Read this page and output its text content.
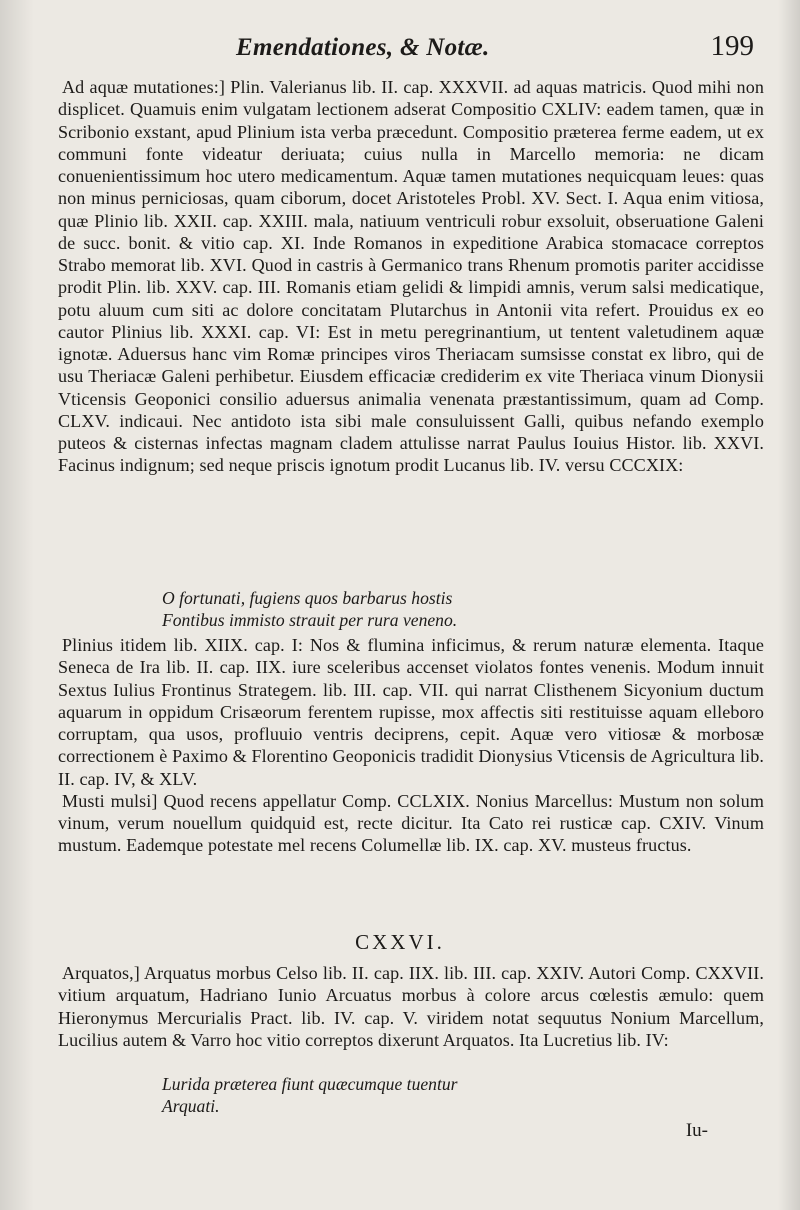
Emendationes, & Notæ.	199

Ad aquæ mutationes:] Plin. Valerianus lib. II. cap. XXXVII. ad aquas matricis. Quod mihi non displicet. Quamuis enim vulgatam lectionem adserat Compositio CXLIV: eadem tamen, quæ in Scribonio exstant, apud Plinium ista verba præcedunt. Compositio præterea ferme eadem, ut ex communi fonte videatur deriuata; cuius nulla in Marcello memoria: ne dicam conuenientissimum hoc utero medicamentum. Aquæ tamen mutationes nequicquam leues: quas non minus perniciosas, quam ciborum, docet Aristoteles Probl. XV. Sect. I. Aqua enim vitiosa, quæ Plinio lib. XXII. cap. XXIII. mala, natiuum ventriculi robur exsoluit, obseruatione Galeni de succ. bonit. & vitio cap. XI. Inde Romanos in expeditione Arabica stomacace correptos Strabo memorat lib. XVI. Quod in castris à Germanico trans Rhenum promotis pariter accidisse prodit Plin. lib. XXV. cap. III. Romanis etiam gelidi & limpidi amnis, verum salsi medicatique, potu aluum cum siti ac dolore concitatam Plutarchus in Antonii vita refert. Prouidus ex eo cautor Plinius lib. XXXI. cap. VI: Est in metu peregrinantium, ut tentent valetudinem aquæ ignotæ. Aduersus hanc vim Romæ principes viros Theriacam sumsisse constat ex libro, qui de usu Theriacæ Galeni perhibetur. Eiusdem efficaciæ crediderim ex vite Theriaca vinum Dionysii Vticensis Geoponici consilio aduersus animalia venenata præstantissimum, quam ad Comp. CLXV. indicaui. Nec antidoto ista sibi male consuluissent Galli, quibus nefando exemplo puteos & cisternas infectas magnam cladem attulisse narrat Paulus Iouius Histor. lib. XXVI. Facinus indignum; sed neque priscis ignotum prodit Lucanus lib. IV. versu CCCXIX:

O fortunati, fugiens quos barbarus hostis
Fontibus immisto strauit per rura veneno.

Plinius itidem lib. XIIX. cap. I: Nos & flumina inficimus, & rerum naturæ elementa. Itaque Seneca de Ira lib. II. cap. IIX. iure sceleribus accenset violatos fontes venenis. Modum innuit Sextus Iulius Frontinus Strategem. lib. III. cap. VII. qui narrat Clisthenem Sicyonium ductum aquarum in oppidum Crisæorum ferentem rupisse, mox affectis siti restituisse aquam elleboro corruptam, qua usos, profluuio ventris deciprens, cepit. Aquæ vero vitiosæ & morbosæ correctionem è Paximo & Florentino Geoponicis tradidit Dionysius Vticensis de Agricultura lib. II. cap. IV, & XLV.

Musti mulsi] Quod recens appellatur Comp. CCLXIX. Nonius Marcellus: Mustum non solum vinum, verum nouellum quidquid est, recte dicitur. Ita Cato rei rusticæ cap. CXIV. Vinum mustum. Eademque potestate mel recens Columellæ lib. IX. cap. XV. musteus fructus.

CXXVI.

Arquatos,] Arquatus morbus Celso lib. II. cap. IIX. lib. III. cap. XXIV. Autori Comp. CXXVII. vitium arquatum, Hadriano Iunio Arcuatus morbus à colore arcus cœlestis æmulo: quem Hieronymus Mercurialis Pract. lib. IV. cap. V. viridem notat sequutus Nonium Marcellum, Lucilius autem & Varro hoc vitio correptos dixerunt Arquatos. Ita Lucretius lib. IV:

Lurida præterea fiunt quæcumque tuentur
Arquati.
Iu-
